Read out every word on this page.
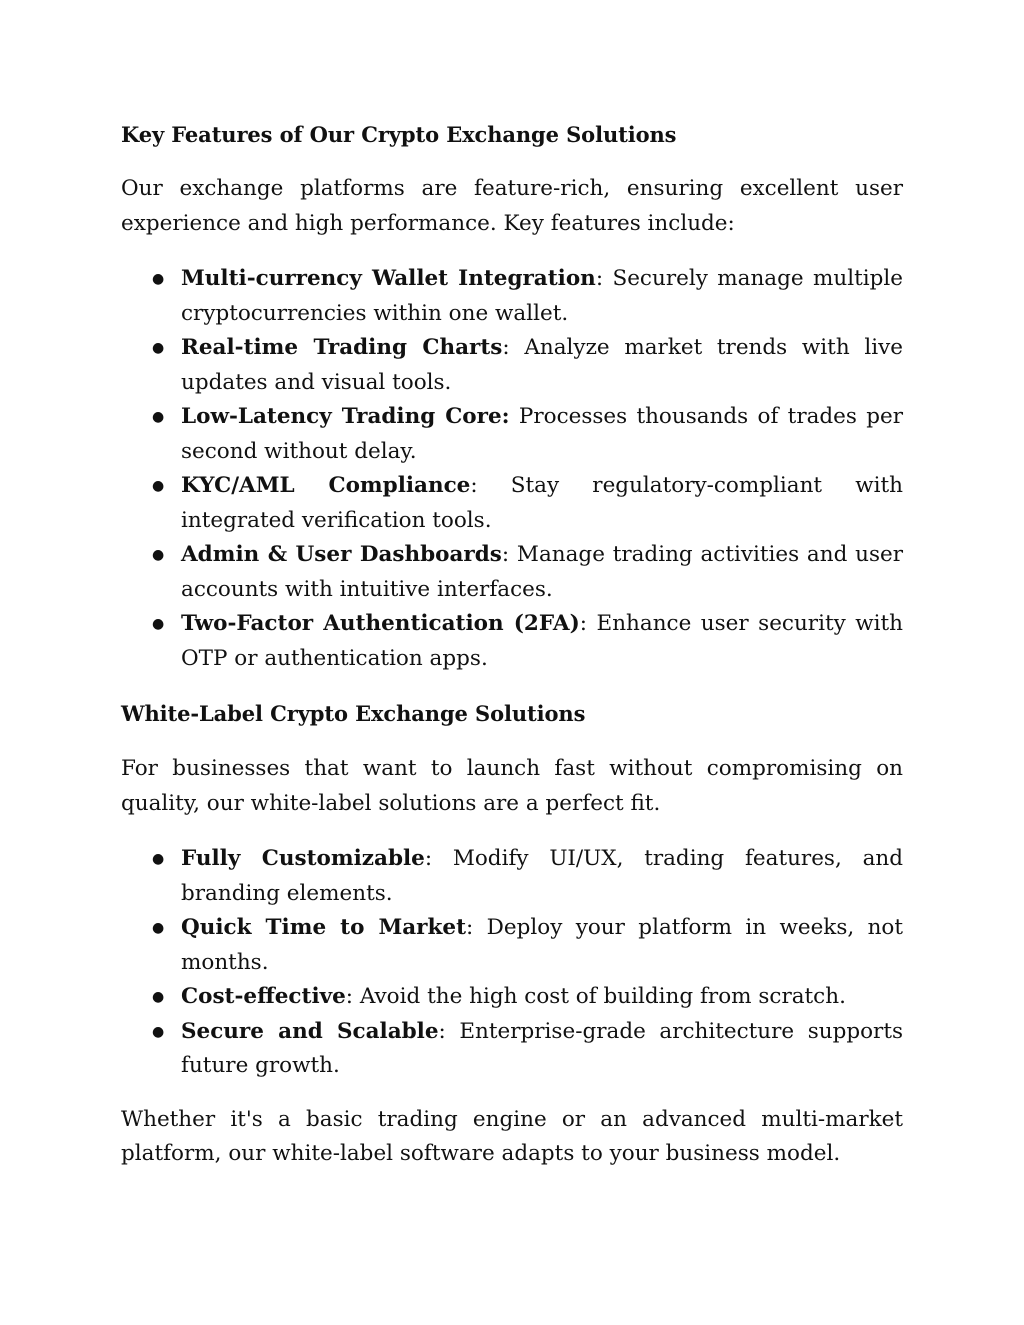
Key Features of Our Crypto Exchange Solutions

Our exchange platforms are feature-rich, ensuring excellent user experience and high performance. Key features include:

● Multi-currency Wallet Integration: Securely manage multiple cryptocurrencies within one wallet.
● Real-time Trading Charts: Analyze market trends with live updates and visual tools.
● Low-Latency Trading Core: Processes thousands of trades per second without delay.
● KYC/AML Compliance: Stay regulatory-compliant with integrated verification tools.
● Admin & User Dashboards: Manage trading activities and user accounts with intuitive interfaces.
● Two-Factor Authentication (2FA): Enhance user security with OTP or authentication apps.
White-Label Crypto Exchange Solutions

For businesses that want to launch fast without compromising on quality, our white-label solutions are a perfect fit.

● Fully Customizable: Modify UI/UX, trading features, and branding elements.
● Quick Time to Market: Deploy your platform in weeks, not months.
● Cost-effective: Avoid the high cost of building from scratch.
● Secure and Scalable: Enterprise-grade architecture supports future growth.

Whether it's a basic trading engine or an advanced multi-market platform, our white-label software adapts to your business model.
